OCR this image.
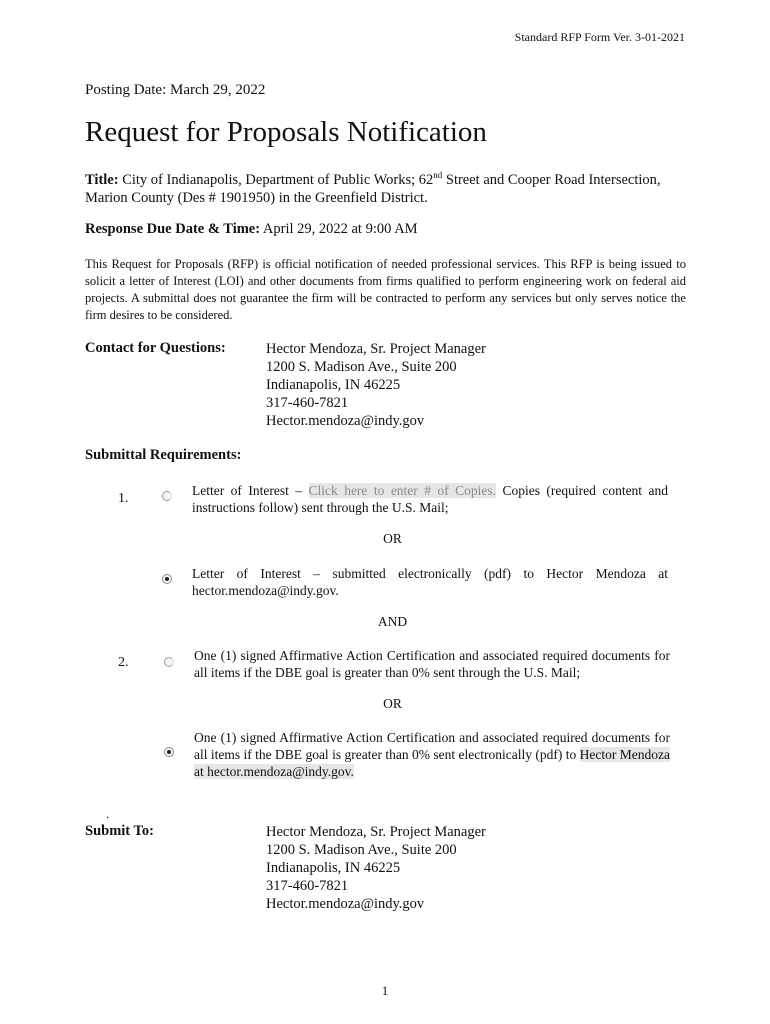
Standard RFP Form Ver. 3-01-2021
Posting Date: March 29, 2022
Request for Proposals Notification
Title: City of Indianapolis, Department of Public Works; 62nd Street and Cooper Road Intersection, Marion County (Des # 1901950) in the Greenfield District.
Response Due Date & Time: April 29, 2022 at 9:00 AM
This Request for Proposals (RFP) is official notification of needed professional services. This RFP is being issued to solicit a letter of Interest (LOI) and other documents from firms qualified to perform engineering work on federal aid projects. A submittal does not guarantee the firm will be contracted to perform any services but only serves notice the firm desires to be considered.
Contact for Questions:	Hector Mendoza, Sr. Project Manager
1200 S. Madison Ave., Suite 200
Indianapolis, IN 46225
317-460-7821
Hector.mendoza@indy.gov
Submittal Requirements:
1.
Letter of Interest – Click here to enter # of Copies. Copies (required content and instructions follow) sent through the U.S. Mail;
OR
Letter of Interest – submitted electronically (pdf) to Hector Mendoza at hector.mendoza@indy.gov.
AND
2.	One (1) signed Affirmative Action Certification and associated required documents for all items if the DBE goal is greater than 0% sent through the U.S. Mail;
OR
One (1) signed Affirmative Action Certification and associated required documents for all items if the DBE goal is greater than 0% sent electronically (pdf) to Hector Mendoza at hector.mendoza@indy.gov.
.
Submit To:	Hector Mendoza, Sr. Project Manager
1200 S. Madison Ave., Suite 200
Indianapolis, IN 46225
317-460-7821
Hector.mendoza@indy.gov
1
